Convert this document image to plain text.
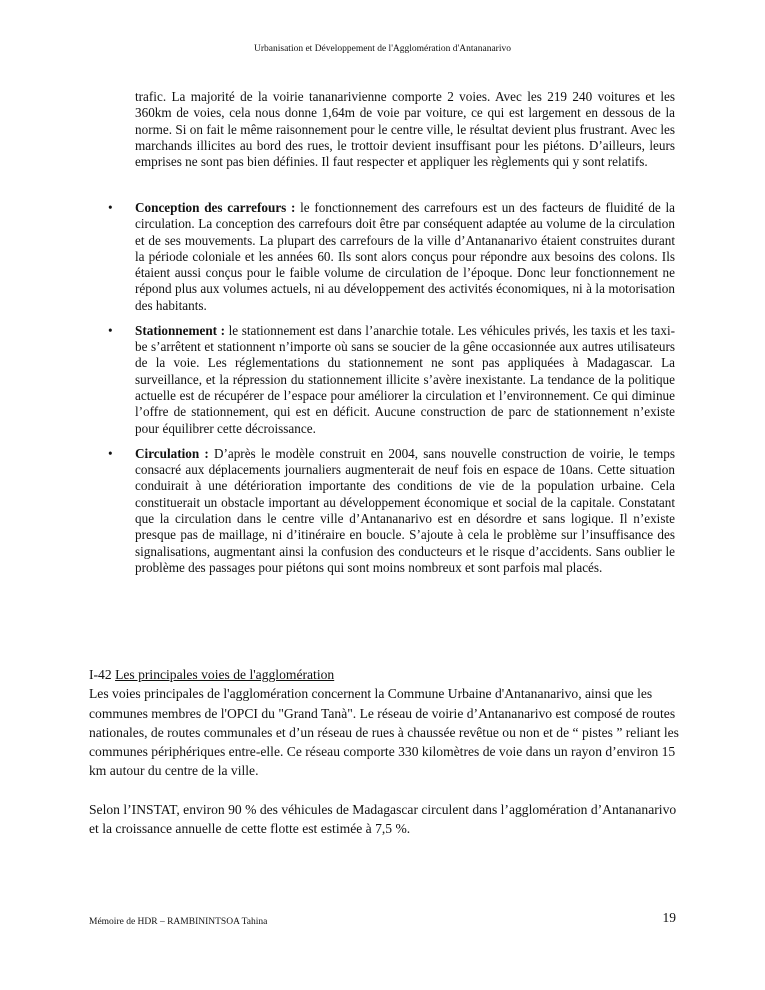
Urbanisation et Développement de l'Agglomération d'Antananarivo

trafic. La majorité de la voirie tananarivienne comporte 2 voies. Avec les 219 240 voitures et les 360km de voies, cela nous donne 1,64m de voie par voiture, ce qui est largement en dessous de la norme. Si on fait le même raisonnement pour le centre ville, le résultat devient plus frustrant. Avec les marchands illicites au bord des rues, le trottoir devient insuffisant pour les piétons. D’ailleurs, leurs emprises ne sont pas bien définies. Il faut respecter et appliquer les règlements qui y sont relatifs.

•	Conception des carrefours : le fonctionnement des carrefours est un des facteurs de fluidité de la circulation. La conception des carrefours doit être par conséquent adaptée au volume de la circulation et de ses mouvements. La plupart des carrefours de la ville d’Antananarivo étaient construites durant la période coloniale et les années 60. Ils sont alors conçus pour répondre aux besoins des colons. Ils étaient aussi conçus pour le faible volume de circulation de l’époque. Donc leur fonctionnement ne répond plus aux volumes actuels, ni au développement des activités économiques, ni à la motorisation des habitants.
•	Stationnement : le stationnement est dans l’anarchie totale. Les véhicules privés, les taxis et les taxi-be s’arrêtent et stationnent n’importe où sans se soucier de la gêne occasionnée aux autres utilisateurs de la voie. Les réglementations du stationnement ne sont pas appliquées à Madagascar. La surveillance, et la répression du stationnement illicite s’avère inexistante. La tendance de la politique actuelle est de récupérer de l’espace pour améliorer la circulation et l’environnement. Ce qui diminue l’offre de stationnement, qui est en déficit. Aucune construction de parc de stationnement n’existe pour équilibrer cette décroissance.
•	Circulation : D’après le modèle construit en 2004, sans nouvelle construction de voirie, le temps consacré aux déplacements journaliers augmenterait de neuf fois en espace de 10ans. Cette situation conduirait à une détérioration importante des conditions de vie de la population urbaine. Cela constituerait un obstacle important au développement économique et social de la capitale. Constatant que la circulation dans le centre ville d’Antananarivo est en désordre et sans logique. Il n’existe presque pas de maillage, ni d’itinéraire en boucle. S’ajoute à cela le problème sur l’insuffisance des signalisations, augmentant ainsi la confusion des conducteurs et le risque d’accidents. Sans oublier le problème des passages pour piétons qui sont moins nombreux et sont parfois mal placés.

I-42 Les principales voies de l'agglomération

Les voies principales de l'agglomération concernent la Commune Urbaine d'Antananarivo, ainsi que les communes membres de l'OPCI du "Grand Tanà". Le réseau de voirie d’Antananarivo est composé de routes nationales, de routes communales et d’un réseau de rues à chaussée revêtue ou non et de “ pistes ” reliant les communes périphériques entre-elle. Ce réseau comporte 330 kilomètres de voie dans un rayon d’environ 15 km autour du centre de la ville.

Selon l’INSTAT, environ 90 % des véhicules de Madagascar circulent dans l’agglomération d’Antananarivo et la croissance annuelle de cette flotte est estimée à 7,5 %.

Mémoire de HDR – RAMBININTSOA Tahina	19
